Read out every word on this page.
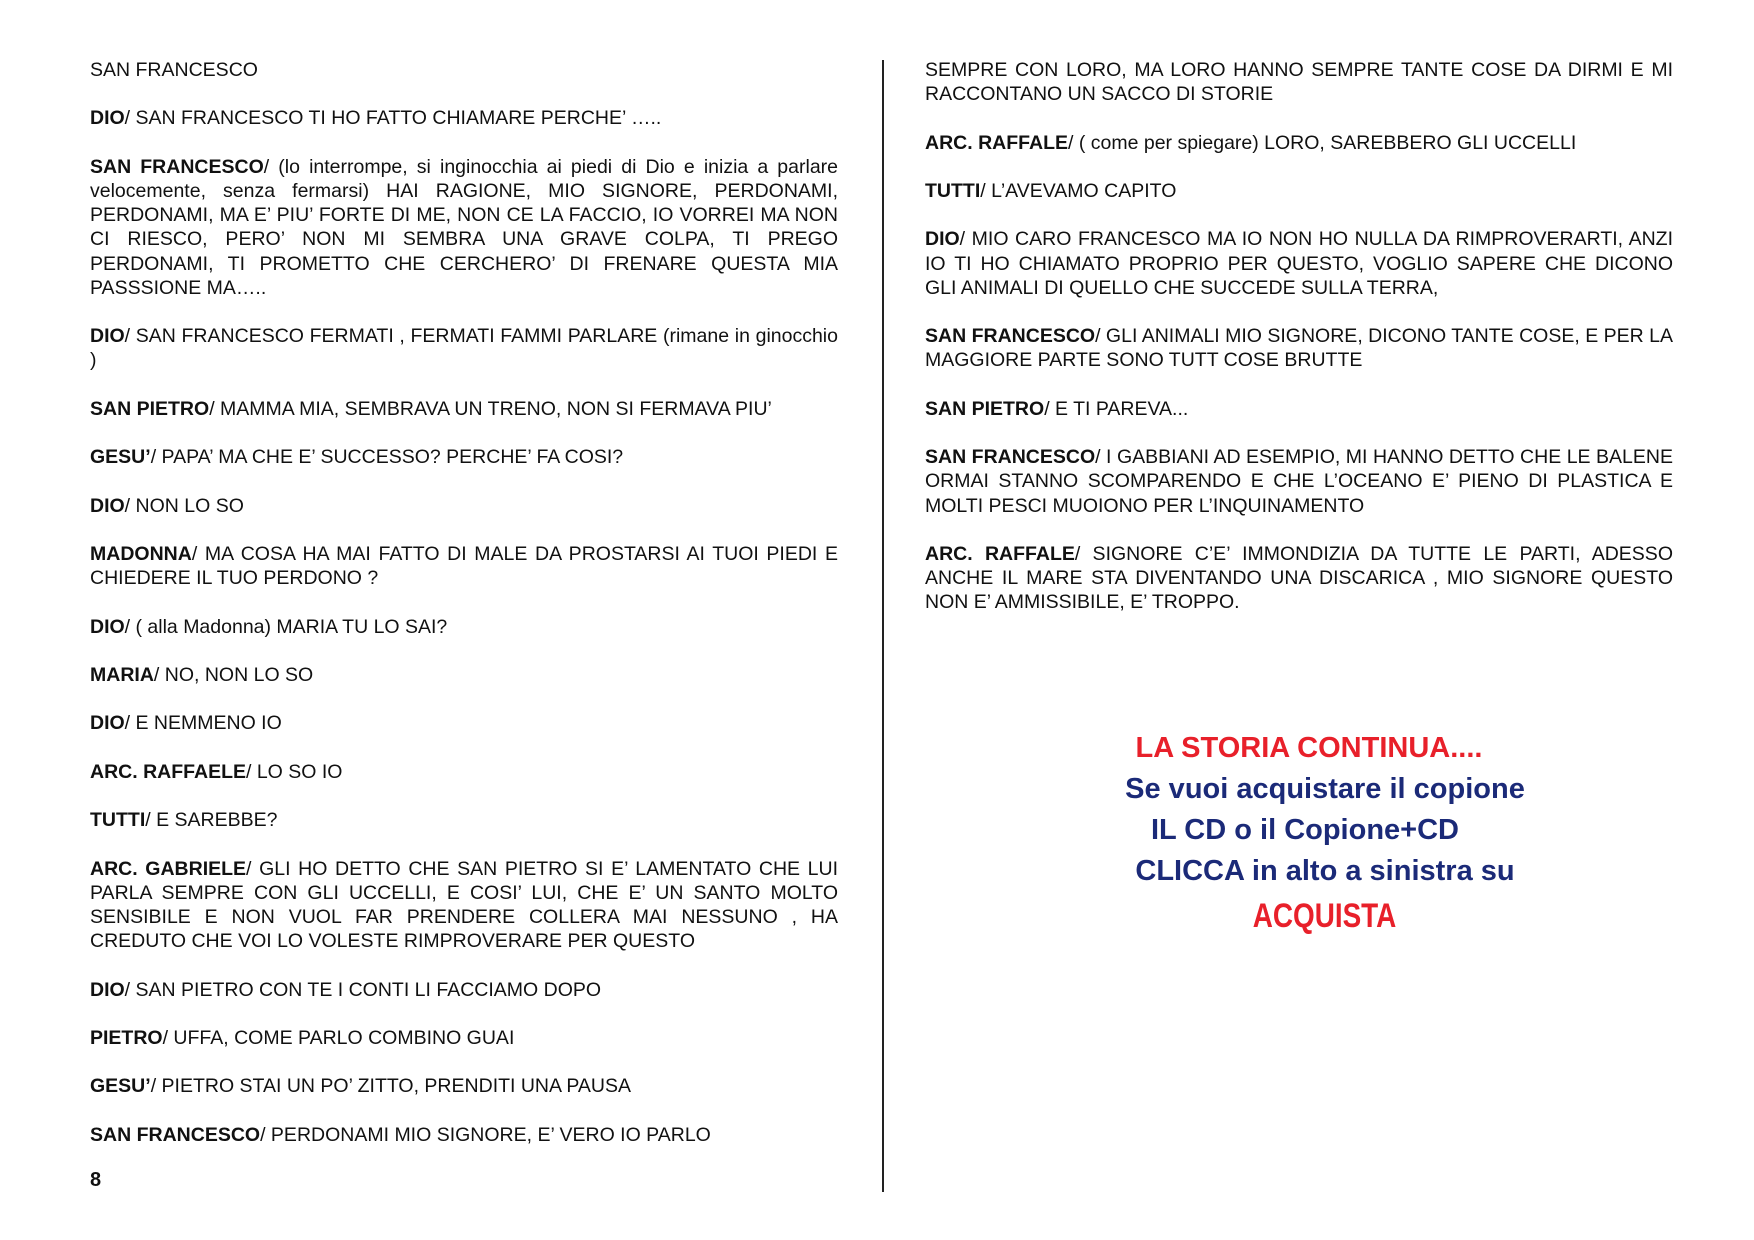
SAN FRANCESCO

DIO/ SAN FRANCESCO TI HO FATTO CHIAMARE PERCHE’ …..

SAN FRANCESCO/ (lo interrompe, si inginocchia ai piedi di Dio e inizia a parlare velocemente, senza fermarsi) HAI RAGIONE, MIO SIGNORE, PERDONAMI, PERDONAMI, MA E’ PIU’ FORTE DI ME, NON CE LA FACCIO, IO VORREI MA NON CI RIESCO, PERO’ NON MI SEMBRA UNA GRAVE COLPA, TI PREGO PERDONAMI, TI PROMETTO CHE CERCHERO’ DI FRENARE QUESTA MIA PASSSIONE MA…..

DIO/ SAN FRANCESCO FERMATI , FERMATI FAMMI PARLARE (rimane in ginocchio )

SAN PIETRO/ MAMMA MIA, SEMBRAVA UN TRENO, NON SI FERMAVA PIU’

GESU’/ PAPA’ MA CHE E’ SUCCESSO? PERCHE’ FA COSI?

DIO/ NON LO SO

MADONNA/ MA COSA HA MAI FATTO DI MALE DA PROSTARSI AI TUOI PIEDI E CHIEDERE IL TUO PERDONO ?

DIO/ ( alla Madonna) MARIA TU LO SAI?

MARIA/ NO, NON LO SO

DIO/ E NEMMENO IO

ARC. RAFFAELE/ LO SO IO

TUTTI/ E SAREBBE?

ARC. GABRIELE/ GLI HO DETTO CHE SAN PIETRO SI E’ LAMENTATO CHE LUI PARLA SEMPRE CON GLI UCCELLI, E COSI’ LUI, CHE E’ UN SANTO MOLTO SENSIBILE E NON VUOL FAR PRENDERE COLLERA MAI NESSUNO , HA CREDUTO CHE VOI LO VOLESTE RIMPROVERARE PER QUESTO

DIO/ SAN PIETRO CON TE I CONTI LI FACCIAMO DOPO

PIETRO/ UFFA, COME PARLO COMBINO GUAI

GESU’/ PIETRO STAI UN PO’ ZITTO, PRENDITI UNA PAUSA

SAN FRANCESCO/ PERDONAMI MIO SIGNORE, E’ VERO IO PARLO

SEMPRE CON LORO, MA LORO HANNO SEMPRE TANTE COSE DA DIRMI E MI RACCONTANO UN SACCO DI STORIE

ARC. RAFFALE/ ( come per spiegare) LORO, SAREBBERO GLI UCCELLI

TUTTI/ L’AVEVAMO CAPITO

DIO/ MIO CARO FRANCESCO MA IO NON HO NULLA DA RIMPROVERARTI, ANZI IO TI HO CHIAMATO PROPRIO PER QUESTO, VOGLIO SAPERE CHE DICONO GLI ANIMALI DI QUELLO CHE SUCCEDE SULLA TERRA,

SAN FRANCESCO/ GLI ANIMALI MIO SIGNORE, DICONO TANTE COSE, E PER LA MAGGIORE PARTE SONO TUTT COSE BRUTTE

SAN PIETRO/ E TI PAREVA...

SAN FRANCESCO/ I GABBIANI AD ESEMPIO, MI HANNO DETTO CHE LE BALENE ORMAI STANNO SCOMPARENDO E CHE L’OCEANO E’ PIENO DI PLASTICA E MOLTI PESCI MUOIONO PER L’INQUINAMENTO

ARC. RAFFALE/ SIGNORE C’E’ IMMONDIZIA DA TUTTE LE PARTI, ADESSO ANCHE IL MARE STA DIVENTANDO UNA DISCARICA , MIO SIGNORE QUESTO NON E’ AMMISSIBILE, E’ TROPPO.

LA STORIA CONTINUA....
Se vuoi acquistare il copione
IL CD o il Copione+CD
CLICCA in alto a sinistra su
ACQUISTA
8
